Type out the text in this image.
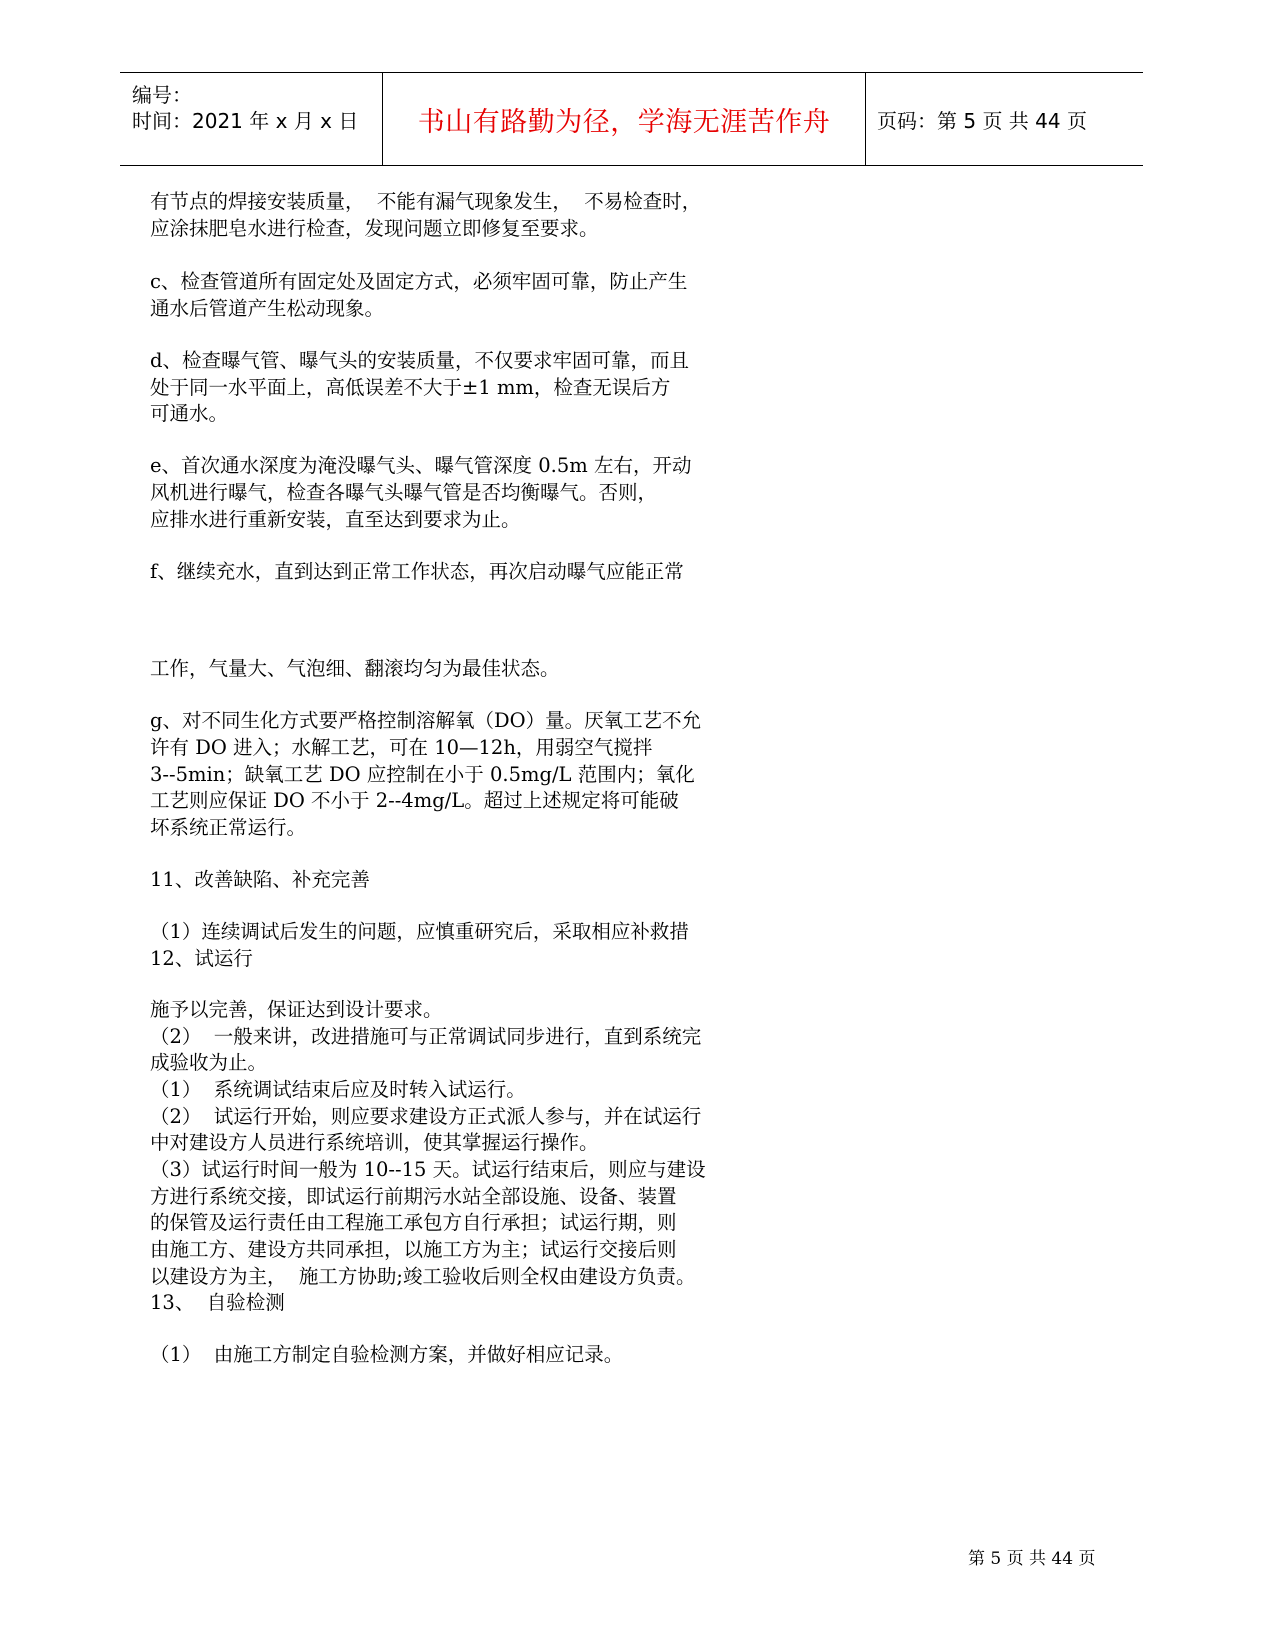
编号：
时间：2021 年 x 月 x 日 书山有路勤为径，学海无涯苦作舟 页码：第 5 页 共 44 页
有节点的焊接安装质量，  不能有漏气现象发生，  不易检查时，
应涂抹肥皂水进行检查，发现问题立即修复至要求。
c、检查管道所有固定处及固定方式，必须牢固可靠，防止产生
通水后管道产生松动现象。
d、检查曝气管、曝气头的安装质量，不仅要求牢固可靠，而且
处于同一水平面上，高低误差不大于±1 mm，检查无误后方
可通水。
e、首次通水深度为淹没曝气头、曝气管深度 0.5m 左右，开动
风机进行曝气，检查各曝气头曝气管是否均衡曝气。否则，
应排水进行重新安装，直至达到要求为止。
f、继续充水，直到达到正常工作状态，再次启动曝气应能正常
工作，气量大、气泡细、翻滚均匀为最佳状态。
g、对不同生化方式要严格控制溶解氧（DO）量。厌氧工艺不允
许有 DO 进入；水解工艺，可在 10—12h，用弱空气搅拌
3--5min；缺氧工艺 DO 应控制在小于 0.5mg/L 范围内；氧化
工艺则应保证 DO 不小于 2--4mg/L。超过上述规定将可能破
坏系统正常运行。
11、改善缺陷、补充完善
（1）连续调试后发生的问题，应慎重研究后，采取相应补救措
12、试运行
施予以完善，保证达到设计要求。
（2）  一般来讲，改进措施可与正常调试同步进行，直到系统完
成验收为止。
（1）  系统调试结束后应及时转入试运行。
（2）  试运行开始，则应要求建设方正式派人参与，并在试运行
中对建设方人员进行系统培训，使其掌握运行操作。
（3）试运行时间一般为 10--15 天。试运行结束后，则应与建设
方进行系统交接，即试运行前期污水站全部设施、设备、装置
的保管及运行责任由工程施工承包方自行承担；试运行期，则
由施工方、建设方共同承担，以施工方为主；试运行交接后则
以建设方为主，  施工方协助;竣工验收后则全权由建设方负责。
13、  自验检测
（1）  由施工方制定自验检测方案，并做好相应记录。
第 5 页 共 44 页
